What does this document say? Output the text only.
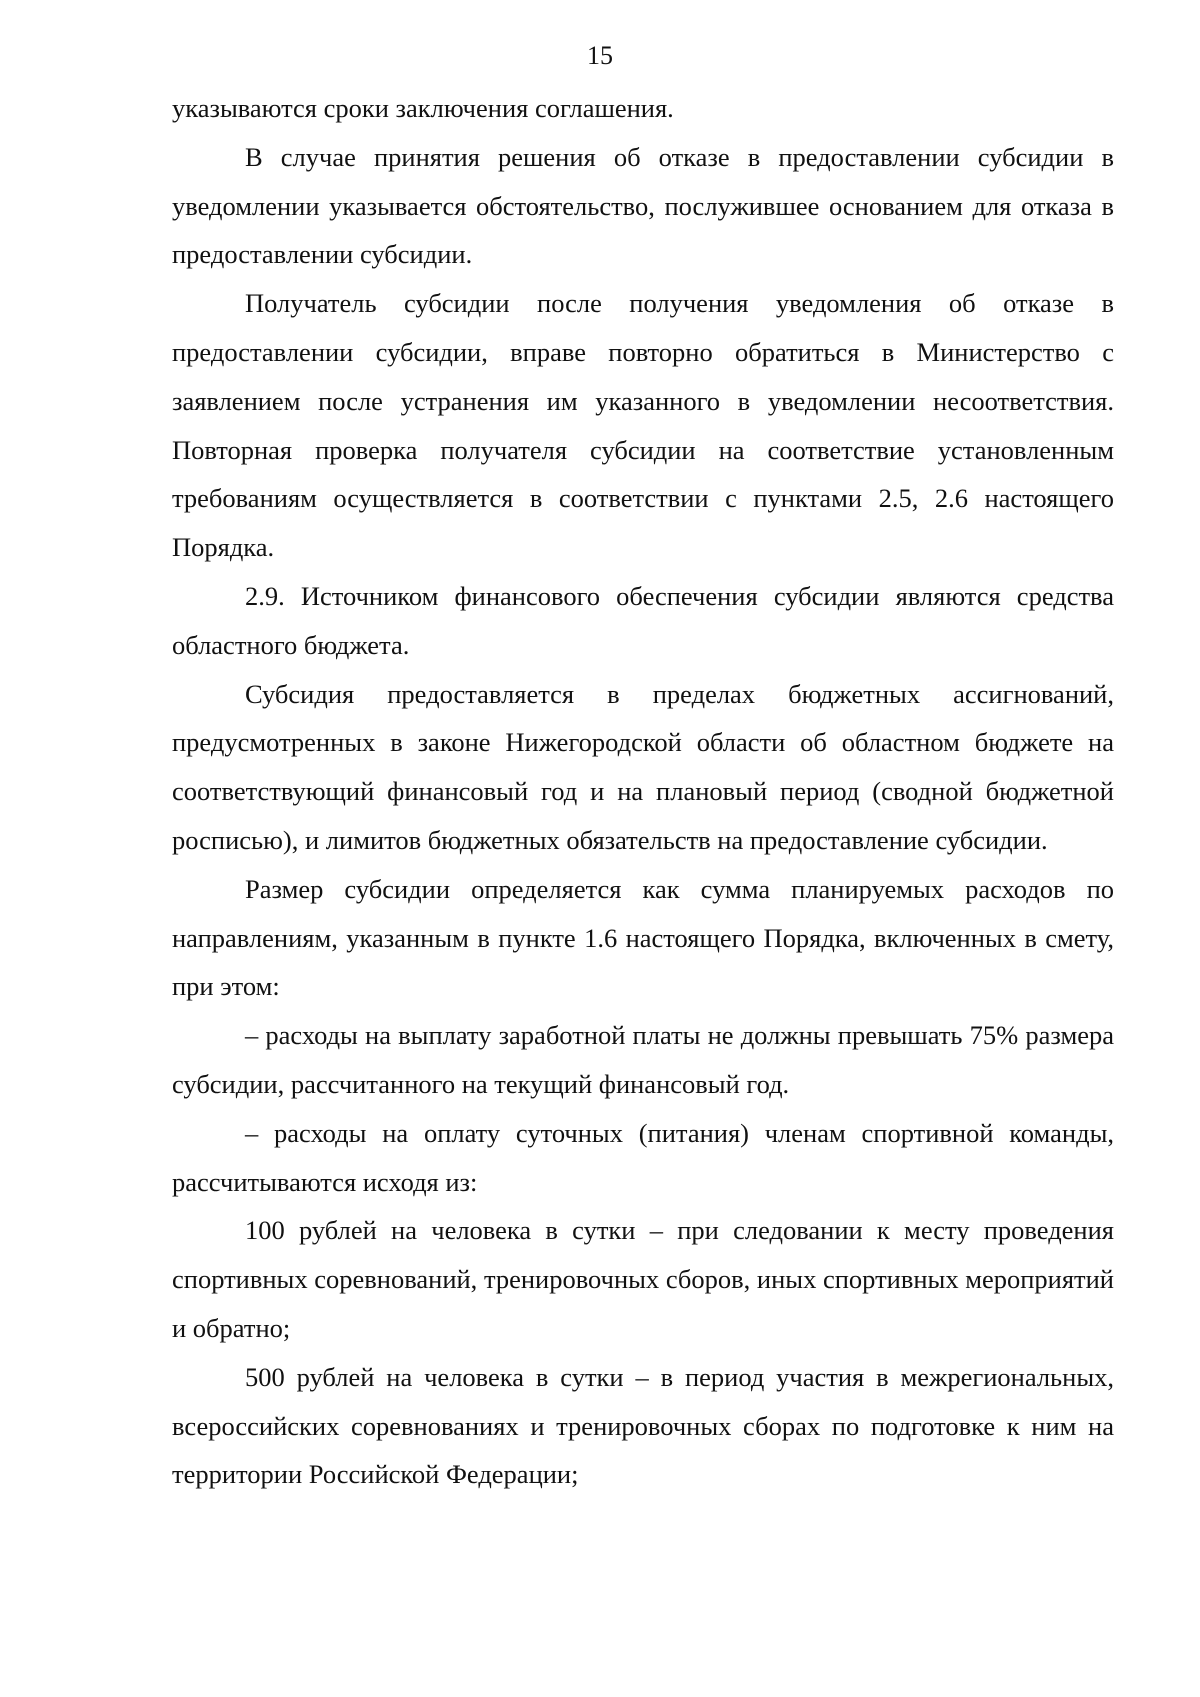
15

указываются сроки заключения соглашения.

В случае принятия решения об отказе в предоставлении субсидии в уведомлении указывается обстоятельство, послужившее основанием для отказа в предоставлении субсидии.

Получатель субсидии после получения уведомления об отказе в предоставлении субсидии, вправе повторно обратиться в Министерство с заявлением после устранения им указанного в уведомлении несоответствия. Повторная проверка получателя субсидии на соответствие установленным требованиям осуществляется в соответствии с пунктами 2.5, 2.6 настоящего Порядка.

2.9. Источником финансового обеспечения субсидии являются средства областного бюджета.

Субсидия предоставляется в пределах бюджетных ассигнований, предусмотренных в законе Нижегородской области об областном бюджете на соответствующий финансовый год и на плановый период (сводной бюджетной росписью), и лимитов бюджетных обязательств на предоставление субсидии.

Размер субсидии определяется как сумма планируемых расходов по направлениям, указанным в пункте 1.6 настоящего Порядка, включенных в смету, при этом:

– расходы на выплату заработной платы не должны превышать 75% размера субсидии, рассчитанного на текущий финансовый год.

– расходы на оплату суточных (питания) членам спортивной команды, рассчитываются исходя из:

100 рублей на человека в сутки – при следовании к месту проведения спортивных соревнований, тренировочных сборов, иных спортивных мероприятий и обратно;

500 рублей на человека в сутки – в период участия в межрегиональных, всероссийских соревнованиях и тренировочных сборах по подготовке к ним на территории Российской Федерации;
